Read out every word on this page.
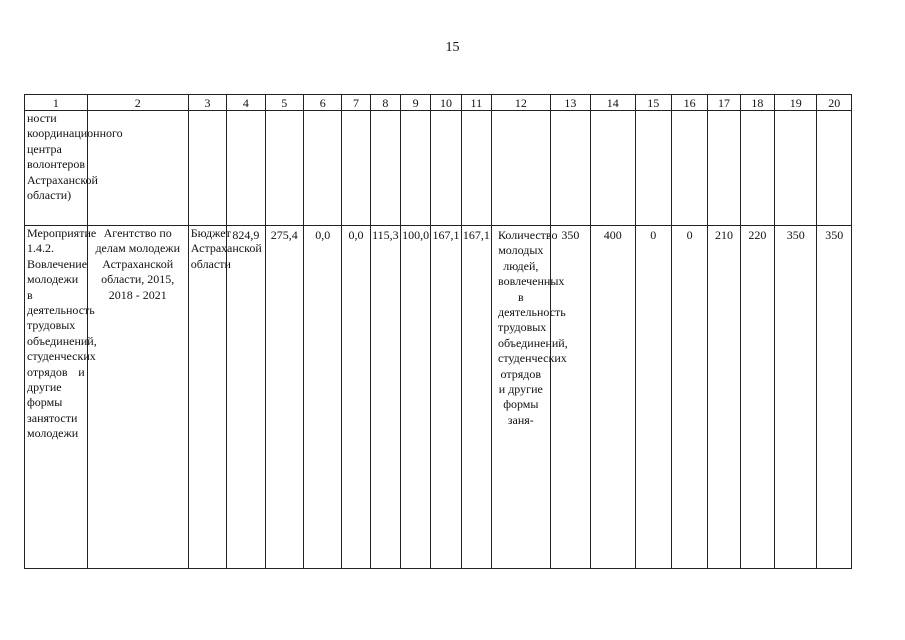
15
1	2	3	4	5	6	7	8	9	10	11	12	13	14	15	16	17	18	19	20
ности координационного центра волонтеров Астраханской области)																			
Мероприятие 1.4.2. Вовлечение молодежи в деятельность трудовых объединений, студенческих отрядов и другие формы занятости молодежи	Агентство по делам молодежи Астраханской области, 2015, 2018 - 2021	Бюджет Астраханской области	824,9	275,4	0,0	0,0	115,3	100,0	167,1	167,1	Количество молодых людей, вовлеченных в деятельность трудовых объединений, студенческих отрядов и другие формы заня-	350	400	0	0	210	220	350	350
